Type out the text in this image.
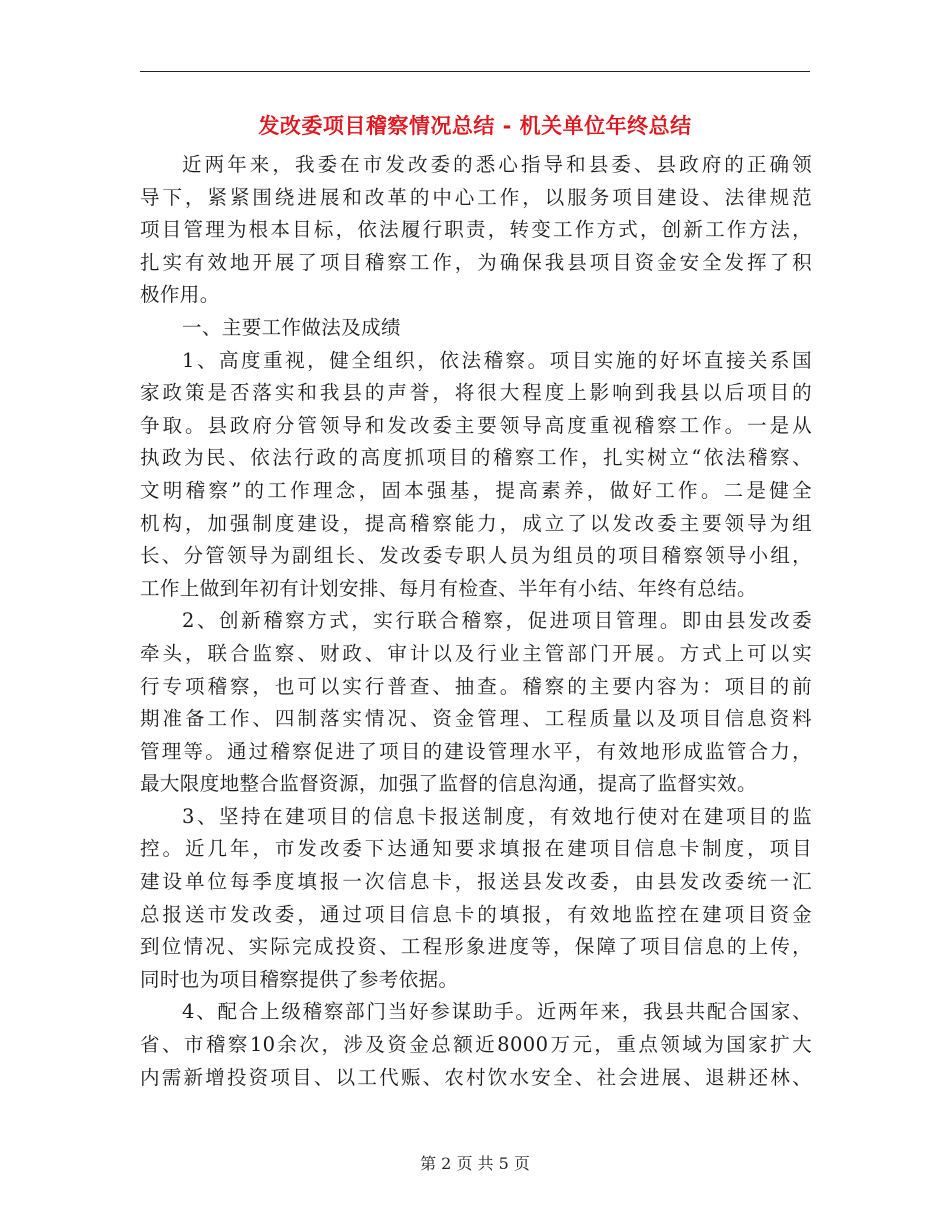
发改委项目稽察情况总结 - 机关单位年终总结

近两年来，我委在市发改委的悉心指导和县委、县政府的正确领
导下，紧紧围绕进展和改革的中心工作，以服务项目建设、法律规范
项目管理为根本目标，依法履行职责，转变工作方式，创新工作方法，
扎实有效地开展了项目稽察工作，为确保我县项目资金安全发挥了积
极作用。

一、主要工作做法及成绩

1、高度重视，健全组织，依法稽察。项目实施的好坏直接关系国
家政策是否落实和我县的声誉，将很大程度上影响到我县以后项目的
争取。县政府分管领导和发改委主要领导高度重视稽察工作。一是从
执政为民、依法行政的高度抓项目的稽察工作，扎实树立“依法稽察、
文明稽察”的工作理念，固本强基，提高素养，做好工作。二是健全
机构，加强制度建设，提高稽察能力，成立了以发改委主要领导为组
长、分管领导为副组长、发改委专职人员为组员的项目稽察领导小组，
工作上做到年初有计划安排、每月有检查、半年有小结、年终有总结。

2、创新稽察方式，实行联合稽察，促进项目管理。即由县发改委
牵头，联合监察、财政、审计以及行业主管部门开展。方式上可以实
行专项稽察，也可以实行普查、抽查。稽察的主要内容为：项目的前
期准备工作、四制落实情况、资金管理、工程质量以及项目信息资料
管理等。通过稽察促进了项目的建设管理水平，有效地形成监管合力，
最大限度地整合监督资源，加强了监督的信息沟通，提高了监督实效。

3、坚持在建项目的信息卡报送制度，有效地行使对在建项目的监
控。近几年，市发改委下达通知要求填报在建项目信息卡制度，项目
建设单位每季度填报一次信息卡，报送县发改委，由县发改委统一汇
总报送市发改委，通过项目信息卡的填报，有效地监控在建项目资金
到位情况、实际完成投资、工程形象进度等，保障了项目信息的上传，
同时也为项目稽察提供了参考依据。

4、配合上级稽察部门当好参谋助手。近两年来，我县共配合国家、
省、市稽察10余次，涉及资金总额近8000万元，重点领域为国家扩大
内需新增投资项目、以工代赈、农村饮水安全、社会进展、退耕还林、

第 2 页 共 5 页
